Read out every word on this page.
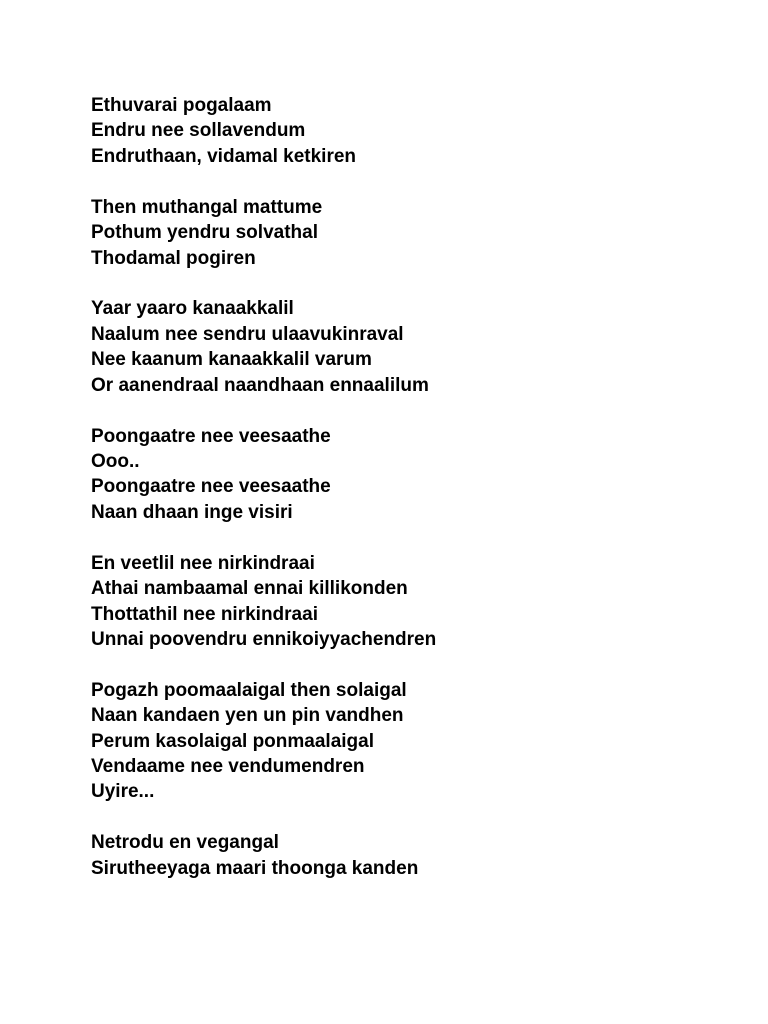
Ethuvarai pogalaam
Endru nee sollavendum
Endruthaan, vidamal ketkiren
Then muthangal mattume
Pothum yendru solvathal
Thodamal pogiren
Yaar yaaro kanaakkalil
Naalum nee sendru ulaavukinraval
Nee kaanum kanaakkalil varum
Or aanendraal naandhaan ennaalilum
Poongaatre nee veesaathe
Ooo..
Poongaatre nee veesaathe
Naan dhaan inge visiri
En veetlil nee nirkindraai
Athai nambaamal ennai killikonden
Thottathil nee nirkindraai
Unnai poovendru ennikoiyyachendren
Pogazh poomaalaigal then solaigal
Naan kandaen yen un pin vandhen
Perum kasolaigal ponmaalaigal
Vendaame nee vendumendren
Uyire...
Netrodu en vegangal
Sirutheeyaga maari thoonga kanden
